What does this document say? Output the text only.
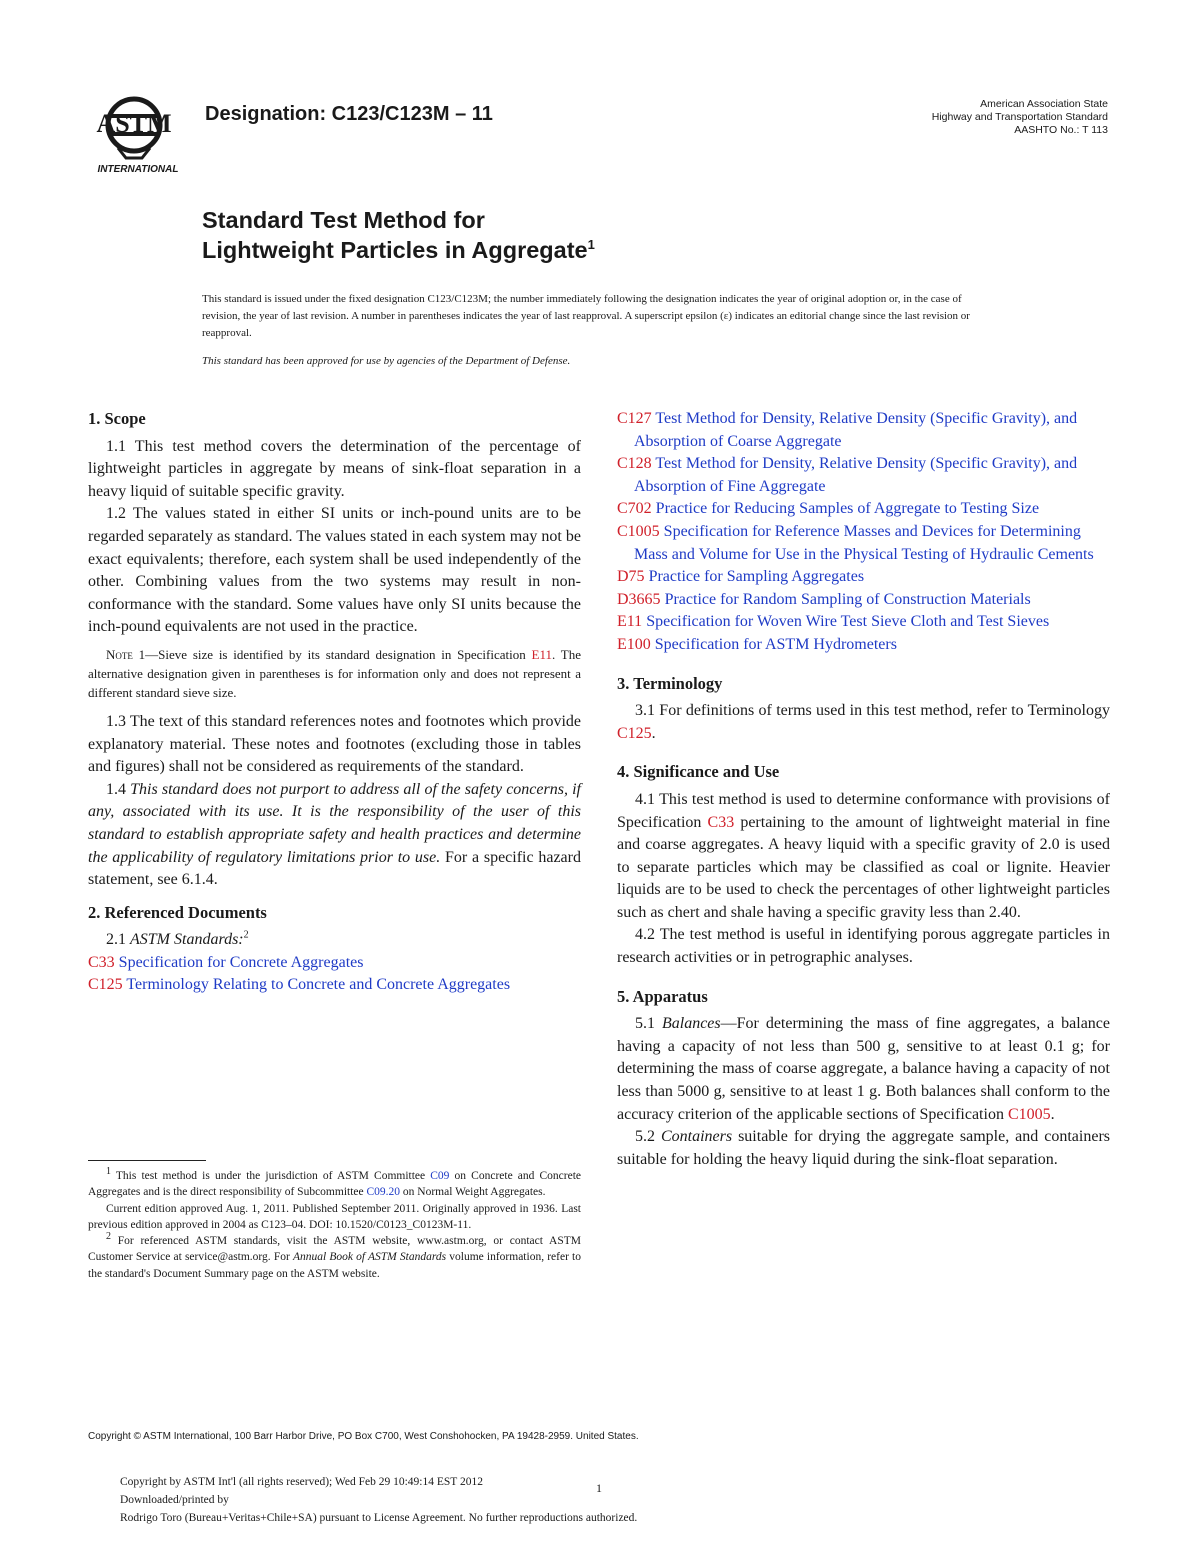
ASTM
INTERNATIONAL
Designation: C123/C123M – 11	American Association State
Highway and Transportation Standard
AASHTO No.: T 113
Standard Test Method for
Lightweight Particles in Aggregate$^1$
This standard is issued under the fixed designation C123/C123M; the number immediately following the designation indicates the year of original adoption or, in the case of revision, the year of last revision. A number in parentheses indicates the year of last reapproval. A superscript epsilon (ε) indicates an editorial change since the last revision or reapproval.
This standard has been approved for use by agencies of the Department of Defense.
1. Scope

1.1 This test method covers the determination of the percentage of lightweight particles in aggregate by means of sink-float separation in a heavy liquid of suitable specific gravity.

1.2 The values stated in either SI units or inch-pound units are to be regarded separately as standard. The values stated in each system may not be exact equivalents; therefore, each system shall be used independently of the other. Combining values from the two systems may result in non-conformance with the standard. Some values have only SI units because the inch-pound equivalents are not used in the practice.

Note 1—Sieve size is identified by its standard designation in Specification E11. The alternative designation given in parentheses is for information only and does not represent a different standard sieve size.

1.3 The text of this standard references notes and footnotes which provide explanatory material. These notes and footnotes (excluding those in tables and figures) shall not be considered as requirements of the standard.

1.4 This standard does not purport to address all of the safety concerns, if any, associated with its use. It is the responsibility of the user of this standard to establish appropriate safety and health practices and determine the applicability of regulatory limitations prior to use. For a specific hazard statement, see 6.1.4.

2. Referenced Documents

2.1 ASTM Standards:$^2$

C33 Specification for Concrete Aggregates

C125 Terminology Relating to Concrete and Concrete Aggregates

C127 Test Method for Density, Relative Density (Specific Gravity), and Absorption of Coarse Aggregate

C128 Test Method for Density, Relative Density (Specific Gravity), and Absorption of Fine Aggregate

C702 Practice for Reducing Samples of Aggregate to Testing Size

C1005 Specification for Reference Masses and Devices for Determining Mass and Volume for Use in the Physical Testing of Hydraulic Cements

D75 Practice for Sampling Aggregates

D3665 Practice for Random Sampling of Construction Materials

E11 Specification for Woven Wire Test Sieve Cloth and Test Sieves

E100 Specification for ASTM Hydrometers

3. Terminology

3.1 For definitions of terms used in this test method, refer to Terminology C125.

4. Significance and Use

4.1 This test method is used to determine conformance with provisions of Specification C33 pertaining to the amount of lightweight material in fine and coarse aggregates. A heavy liquid with a specific gravity of 2.0 is used to separate particles which may be classified as coal or lignite. Heavier liquids are to be used to check the percentages of other lightweight particles such as chert and shale having a specific gravity less than 2.40.

4.2 The test method is useful in identifying porous aggregate particles in research activities or in petrographic analyses.

5. Apparatus

5.1 Balances—For determining the mass of fine aggregates, a balance having a capacity of not less than 500 g, sensitive to at least 0.1 g; for determining the mass of coarse aggregate, a balance having a capacity of not less than 5000 g, sensitive to at least 1 g. Both balances shall conform to the accuracy criterion of the applicable sections of Specification C1005.

5.2 Containers suitable for drying the aggregate sample, and containers suitable for holding the heavy liquid during the sink-float separation.

$^1$ This test method is under the jurisdiction of ASTM Committee C09 on Concrete and Concrete Aggregates and is the direct responsibility of Subcommittee C09.20 on Normal Weight Aggregates.

Current edition approved Aug. 1, 2011. Published September 2011. Originally approved in 1936. Last previous edition approved in 2004 as C123–04. DOI: 10.1520/C0123_C0123M-11.

$^2$ For referenced ASTM standards, visit the ASTM website, www.astm.org, or contact ASTM Customer Service at service@astm.org. For Annual Book of ASTM Standards volume information, refer to the standard's Document Summary page on the ASTM website.

Copyright © ASTM International, 100 Barr Harbor Drive, PO Box C700, West Conshohocken, PA 19428-2959. United States.
Copyright by ASTM Int'l (all rights reserved); Wed Feb 29 10:49:14 EST 2012
Downloaded/printed by
Rodrigo Toro (Bureau+Veritas+Chile+SA) pursuant to License Agreement. No further reproductions authorized.
1
